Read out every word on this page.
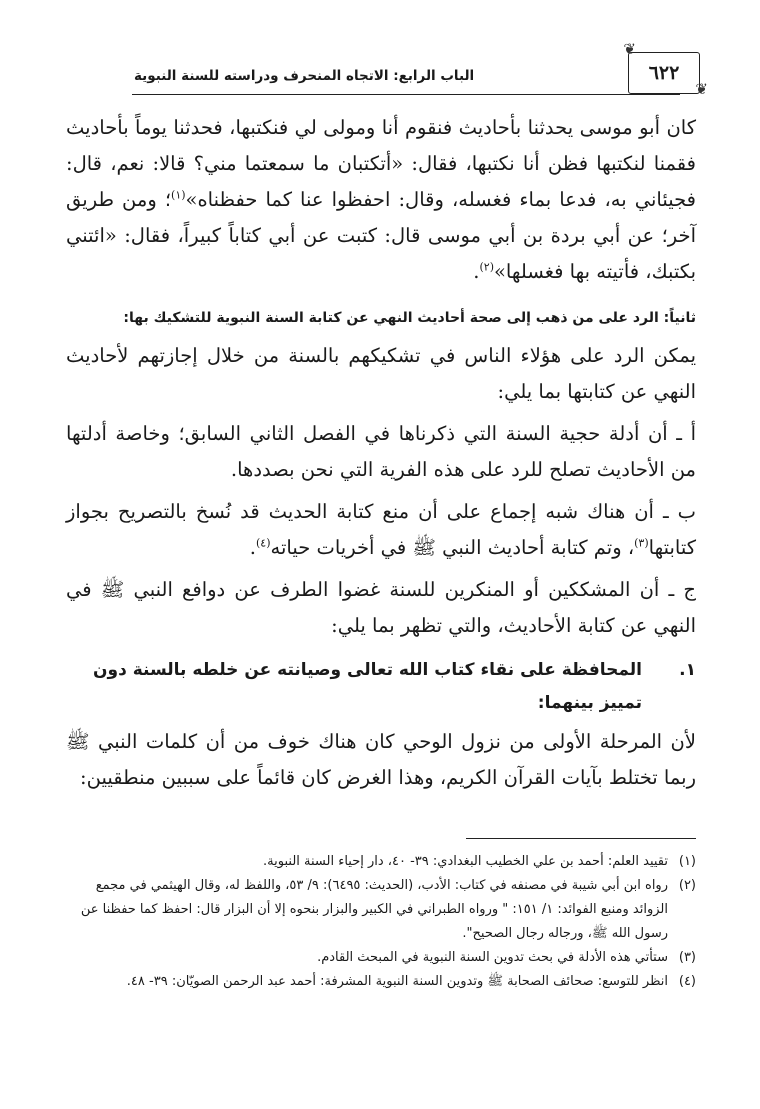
٦٢٢
❦
❦
الباب الرابع: الاتجاه المنحرف ودراسته للسنة النبوية

كان أبو موسى يحدثنا بأحاديث فنقوم أنا ومولى لي فنكتبها، فحدثنا يوماً بأحاديث فقمنا لنكتبها فظن أنا نكتبها، فقال: «أتكتبان ما سمعتما مني؟ قالا: نعم، قال: فجيئاني به، فدعا بماء فغسله، وقال: احفظوا عنا كما حفظناه»$^{(١)}$؛ ومن طريق آخر؛ عن أبي بردة بن أبي موسى قال: كتبت عن أبي كتاباً كبيراً، فقال: «ائتني بكتبك، فأتيته بها فغسلها»$^{(٢)}$.

ثانياً: الرد على من ذهب إلى صحة أحاديث النهي عن كتابة السنة النبوية للتشكيك بها:

يمكن الرد على هؤلاء الناس في تشكيكهم بالسنة من خلال إجازتهم لأحاديث النهي عن كتابتها بما يلي:

أ ـ أن أدلة حجية السنة التي ذكرناها في الفصل الثاني السابق؛ وخاصة أدلتها من الأحاديث تصلح للرد على هذه الفرية التي نحن بصددها.

ب ـ أن هناك شبه إجماع على أن منع كتابة الحديث قد نُسخ بالتصريح بجواز كتابتها$^{(٣)}$، وتم كتابة أحاديث النبي ﷺ في أخريات حياته$^{(٤)}$.

ج ـ أن المشككين أو المنكرين للسنة غضوا الطرف عن دوافع النبي ﷺ في النهي عن كتابة الأحاديث، والتي تظهر بما يلي:

١.
المحافظة على نقاء كتاب الله تعالى وصيانته عن خلطه بالسنة دون تمييز بينهما:

لأن المرحلة الأولى من نزول الوحي كان هناك خوف من أن كلمات النبي ﷺ ربما تختلط بآيات القرآن الكريم، وهذا الغرض كان قائماً على سببين منطقيين:

(١)
تقييد العلم: أحمد بن علي الخطيب البغدادي: ٣٩- ٤٠، دار إحياء السنة النبوية.
(٢)
رواه ابن أبي شيبة في مصنفه في كتاب: الأدب، (الحديث: ٦٤٩٥): ٩/ ٥٣، واللفظ له، وقال الهيثمي في مجمع الزوائد ومنبع الفوائد: ١/ ١٥١: " ورواه الطبراني في الكبير والبزار بنحوه إلا أن البزار قال: احفظ كما حفظنا عن رسول الله ﷺ، ورجاله رجال الصحيح".
(٣)
ستأتي هذه الأدلة في بحث تدوين السنة النبوية في المبحث القادم.
(٤)
انظر للتوسع: صحائف الصحابة ﷺ وتدوين السنة النبوية المشرفة: أحمد عبد الرحمن الصويّان: ٣٩- ٤٨.
